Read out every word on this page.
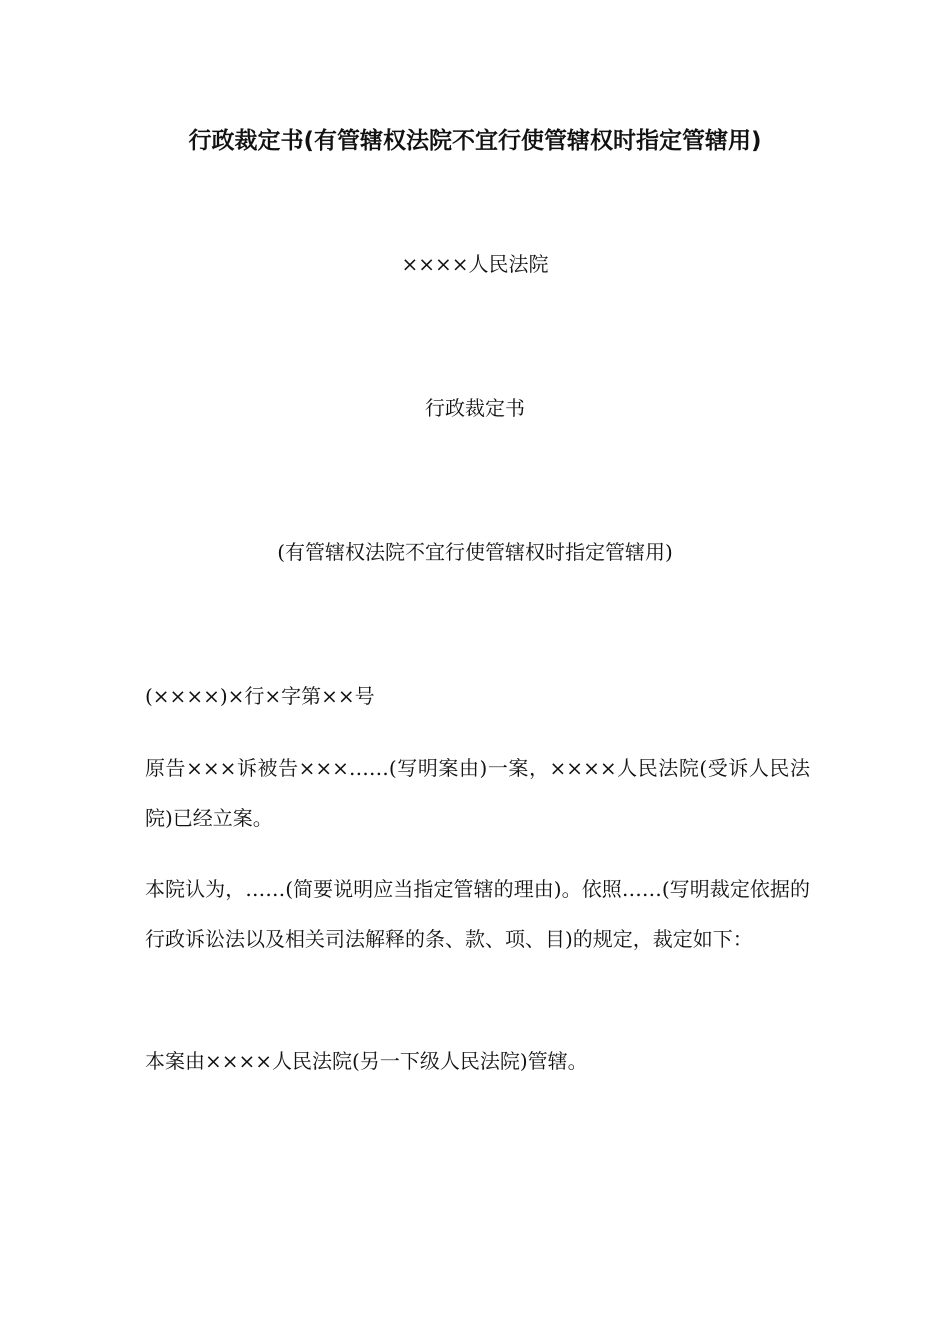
行政裁定书(有管辖权法院不宜行使管辖权时指定管辖用)

××××人民法院

行政裁定书

(有管辖权法院不宜行使管辖权时指定管辖用)

(××××)×行×字第××号

原告×××诉被告×××……(写明案由)一案，××××人民法院(受诉人民法院)已经立案。

本院认为，……(简要说明应当指定管辖的理由)。依照……(写明裁定依据的行政诉讼法以及相关司法解释的条、款、项、目)的规定，裁定如下：

本案由××××人民法院(另一下级人民法院)管辖。
